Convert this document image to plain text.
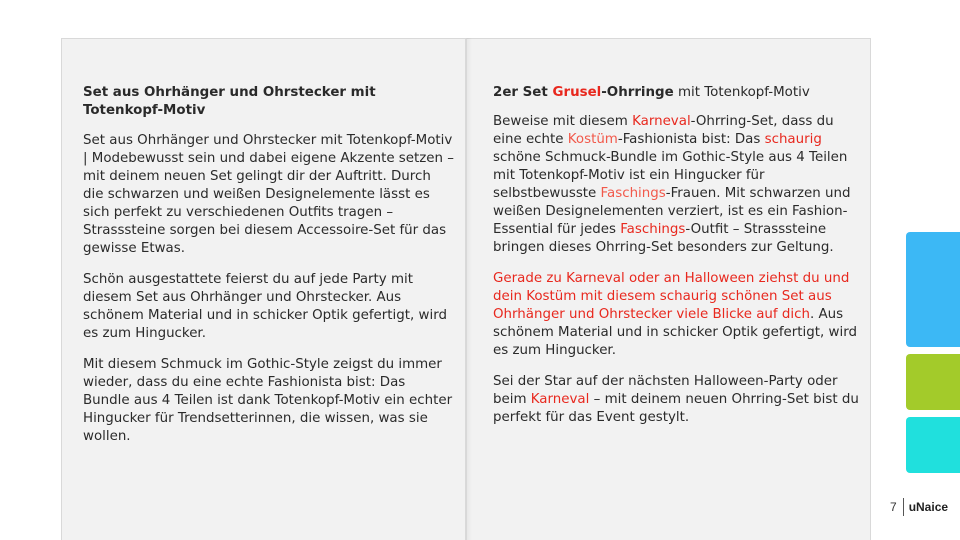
Set aus Ohrhänger und Ohrstecker mit Totenkopf-Motiv

Set aus Ohrhänger und Ohrstecker mit Totenkopf-Motiv | Modebewusst sein und dabei eigene Akzente setzen – mit deinem neuen Set gelingt dir der Auftritt. Durch die schwarzen und weißen Designelemente lässt es sich perfekt zu verschiedenen Outfits tragen – Strasssteine sorgen bei diesem Accessoire-Set für das gewisse Etwas.

Schön ausgestattete feierst du auf jede Party mit diesem Set aus Ohrhänger und Ohrstecker. Aus schönem Material und in schicker Optik gefertigt, wird es zum Hingucker.

Mit diesem Schmuck im Gothic-Style zeigst du immer wieder, dass du eine echte Fashionista bist: Das Bundle aus 4 Teilen ist dank Totenkopf-Motiv ein echter Hingucker für Trendsetterinnen, die wissen, was sie wollen.

2er Set Grusel-Ohrringe mit Totenkopf-Motiv

Beweise mit diesem Karneval-Ohrring-Set, dass du eine echte Kostüm-Fashionista bist: Das schaurig schöne Schmuck-Bundle im Gothic-Style aus 4 Teilen mit Totenkopf-Motiv ist ein Hingucker für selbstbewusste Faschings-Frauen. Mit schwarzen und weißen Designelementen verziert, ist es ein Fashion-Essential für jedes Faschings-Outfit – Strasssteine bringen dieses Ohrring-Set besonders zur Geltung.

Gerade zu Karneval oder an Halloween ziehst du und dein Kostüm mit diesem schaurig schönen Set aus Ohrhänger und Ohrstecker viele Blicke auf dich. Aus schönem Material und in schicker Optik gefertigt, wird es zum Hingucker.

Sei der Star auf der nächsten Halloween-Party oder beim Karneval – mit deinem neuen Ohrring-Set bist du perfekt für das Event gestylt.

7 uNaice
